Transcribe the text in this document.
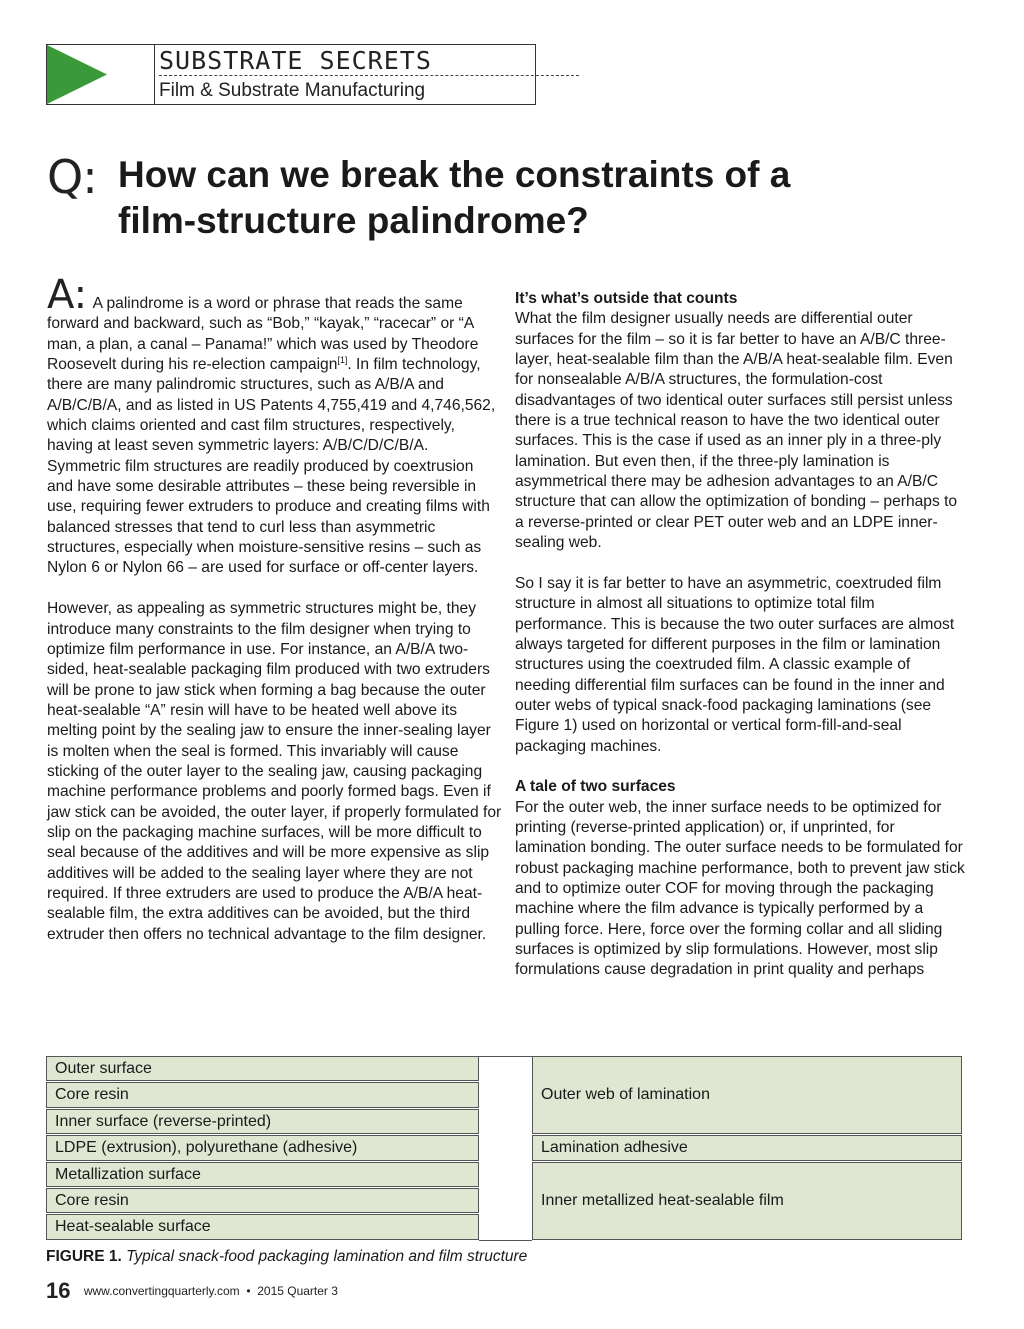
SUBSTRATE SECRETS
Film & Substrate Manufacturing
Q: How can we break the constraints of a film-structure palindrome?

A: A palindrome is a word or phrase that reads the same forward and backward, such as “Bob,” “kayak,” “racecar” or “A man, a plan, a canal – Panama!” which was used by Theodore Roosevelt during his re-election campaign[1]. In film technology, there are many palindromic structures, such as A/B/A and A/B/C/B/A, and as listed in US Patents 4,755,419 and 4,746,562, which claims oriented and cast film structures, respectively, having at least seven symmetric layers: A/B/C/D/C/B/A. Symmetric film structures are readily produced by coextrusion and have some desirable attributes – these being reversible in use, requiring fewer extruders to produce and creating films with balanced stresses that tend to curl less than asymmetric structures, especially when moisture-sensitive resins – such as Nylon 6 or Nylon 66 – are used for surface or off-center layers.

However, as appealing as symmetric structures might be, they introduce many constraints to the film designer when trying to optimize film performance in use. For instance, an A/B/A two-sided, heat-sealable packaging film produced with two extruders will be prone to jaw stick when forming a bag because the outer heat-sealable “A” resin will have to be heated well above its melting point by the sealing jaw to ensure the inner-sealing layer is molten when the seal is formed. This invariably will cause sticking of the outer layer to the sealing jaw, causing packaging machine performance problems and poorly formed bags. Even if jaw stick can be avoided, the outer layer, if properly formulated for slip on the packaging machine surfaces, will be more difficult to seal because of the additives and will be more expensive as slip additives will be added to the sealing layer where they are not required. If three extruders are used to produce the A/B/A heat-sealable film, the extra additives can be avoided, but the third extruder then offers no technical advantage to the film designer.

It’s what’s outside that counts
What the film designer usually needs are differential outer surfaces for the film – so it is far better to have an A/B/C three-layer, heat-sealable film than the A/B/A heat-sealable film. Even for nonsealable A/B/A structures, the formulation-cost disadvantages of two identical outer surfaces still persist unless there is a true technical reason to have the two identical outer surfaces. This is the case if used as an inner ply in a three-ply lamination. But even then, if the three-ply lamination is asymmetrical there may be adhesion advantages to an A/B/C structure that can allow the optimization of bonding – perhaps to a reverse-printed or clear PET outer web and an LDPE inner-sealing web.

So I say it is far better to have an asymmetric, coextruded film structure in almost all situations to optimize total film performance. This is because the two outer surfaces are almost always targeted for different purposes in the film or lamination structures using the coextruded film. A classic example of needing differential film surfaces can be found in the inner and outer webs of typical snack-food packaging laminations (see Figure 1) used on horizontal or vertical form-fill-and-seal packaging machines.

A tale of two surfaces
For the outer web, the inner surface needs to be optimized for printing (reverse-printed application) or, if unprinted, for lamination bonding. The outer surface needs to be formulated for robust packaging machine performance, both to prevent jaw stick and to optimize outer COF for moving through the packaging machine where the film advance is typically performed by a pulling force. Here, force over the forming collar and all sliding surfaces is optimized by slip formulations. However, most slip formulations cause degradation in print quality and perhaps

Outer surface
Core resin
Inner surface (reverse-printed)
LDPE (extrusion), polyurethane (adhesive)
Metallization surface
Core resin
Heat-sealable surface
Outer web of lamination
Lamination adhesive
Inner metallized heat-sealable film
FIGURE 1. Typical snack-food packaging lamination and film structure
16 www.convertingquarterly.com • 2015 Quarter 3
